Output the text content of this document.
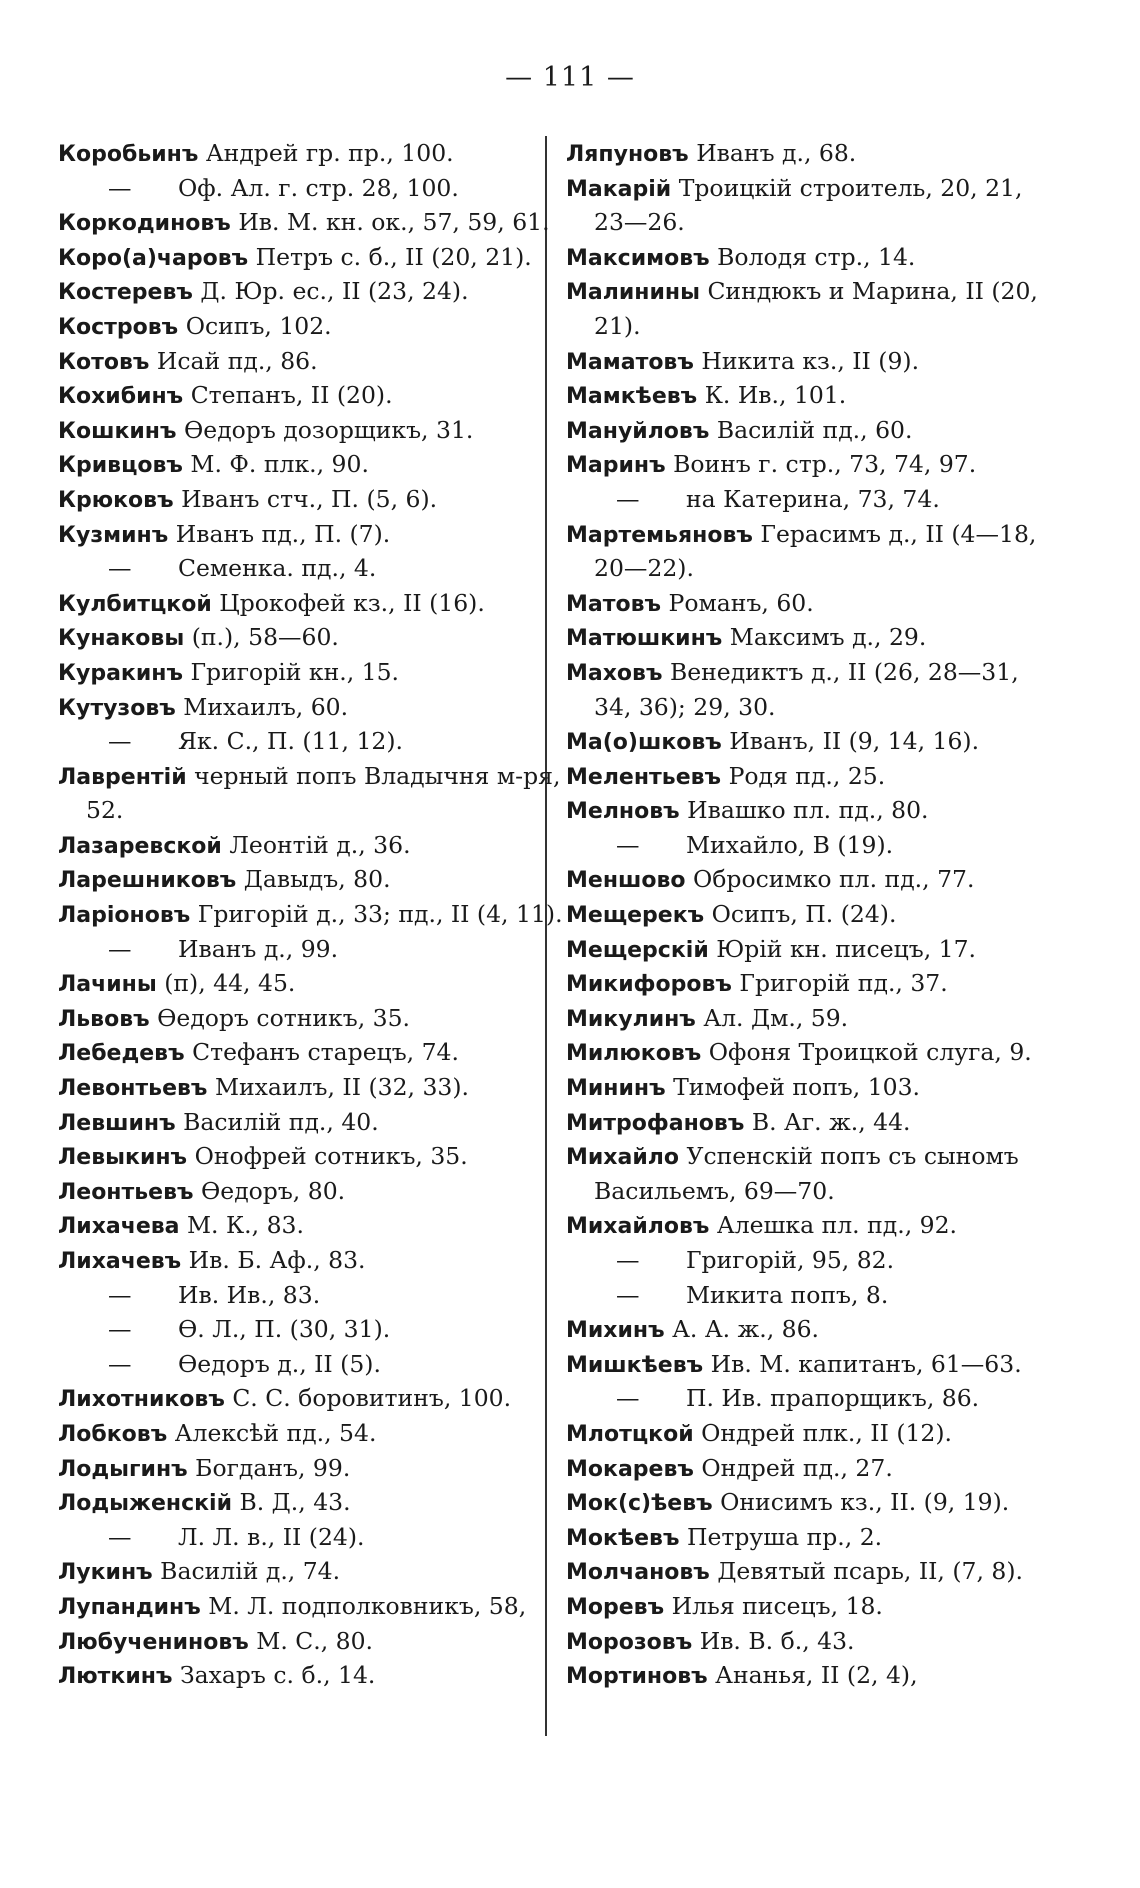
— 111 —
Коробьинъ Андрей гр. пр., 100.
— Оф. Ал. г. стр. 28, 100.
Коркодиновъ Ив. М. кн. ок., 57, 59, 61.
Коро(а)чаровъ Петръ с. б., II (20, 21).
Костеревъ Д. Юр. ес., II (23, 24).
Костровъ Осипъ, 102.
Котовъ Исай пд., 86.
Кохибинъ Степанъ, II (20).
Кошкинъ Өедоръ дозорщикъ, 31.
Кривцовъ М. Ф. плк., 90.
Крюковъ Иванъ стч., П. (5, 6).
Кузминъ Иванъ пд., П. (7).
— Семенка. пд., 4.
Кулбитцкой Црокофей кз., II (16).
Кунаковы (п.), 58—60.
Куракинъ Григорій кн., 15.
Кутузовъ Михаилъ, 60.
— Як. С., П. (11, 12).
Лаврентій черный попъ Владычня м-ря,
52.
Лазаревской Леонтій д., 36.
Ларешниковъ Давыдъ, 80.
Ларіоновъ Григорій д., 33; пд., II (4, 11).
— Иванъ д., 99.
Лачины (п), 44, 45.
Львовъ Өедоръ сотникъ, 35.
Лебедевъ Стефанъ старецъ, 74.
Левонтьевъ Михаилъ, II (32, 33).
Левшинъ Василій пд., 40.
Левыкинъ Онофрей сотникъ, 35.
Леонтьевъ Өедоръ, 80.
Лихачева М. К., 83.
Лихачевъ Ив. Б. Аф., 83.
— Ив. Ив., 83.
— Ө. Л., П. (30, 31).
— Өедоръ д., II (5).
Лихотниковъ С. С. боровитинъ, 100.
Лобковъ Алексѣй пд., 54.
Лодыгинъ Богданъ, 99.
Лодыженскій В. Д., 43.
— Л. Л. в., II (24).
Лукинъ Василій д., 74.
Лупандинъ М. Л. подполковникъ, 58,
Любучениновъ М. С., 80.
Люткинъ Захаръ с. б., 14.
Ляпуновъ Иванъ д., 68.
Макарій Троицкій строитель, 20, 21,
23—26.
Максимовъ Володя стр., 14.
Малинины Синдюкъ и Марина, II (20,
21).
Маматовъ Никита кз., II (9).
Мамкѣевъ К. Ив., 101.
Мануйловъ Василій пд., 60.
Маринъ Воинъ г. стр., 73, 74, 97.
— на Катерина, 73, 74.
Мартемьяновъ Герасимъ д., II (4—18,
20—22).
Матовъ Романъ, 60.
Матюшкинъ Максимъ д., 29.
Маховъ Венедиктъ д., II (26, 28—31,
34, 36); 29, 30.
Ма(о)шковъ Иванъ, II (9, 14, 16).
Мелентьевъ Родя пд., 25.
Мелновъ Ивашко пл. пд., 80.
— Михайло, В (19).
Меншово Обросимко пл. пд., 77.
Мещерекъ Осипъ, П. (24).
Мещерскій Юрій кн. писецъ, 17.
Микифоровъ Григорій пд., 37.
Микулинъ Ал. Дм., 59.
Милюковъ Офоня Троицкой слуга, 9.
Мининъ Тимофей попъ, 103.
Митрофановъ В. Аг. ж., 44.
Михайло Успенскій попъ съ сыномъ
Васильемъ, 69—70.
Михайловъ Алешка пл. пд., 92.
— Григорій, 95, 82.
— Микита попъ, 8.
Михинъ А. А. ж., 86.
Мишкѣевъ Ив. М. капитанъ, 61—63.
— П. Ив. прапорщикъ, 86.
Млотцкой Ондрей плк., II (12).
Мокаревъ Ондрей пд., 27.
Мок(с)ѣевъ Онисимъ кз., II. (9, 19).
Мокѣевъ Петруша пр., 2.
Молчановъ Девятый псарь, II, (7, 8).
Моревъ Илья писецъ, 18.
Морозовъ Ив. В. б., 43.
Мортиновъ Ананья, II (2, 4),
